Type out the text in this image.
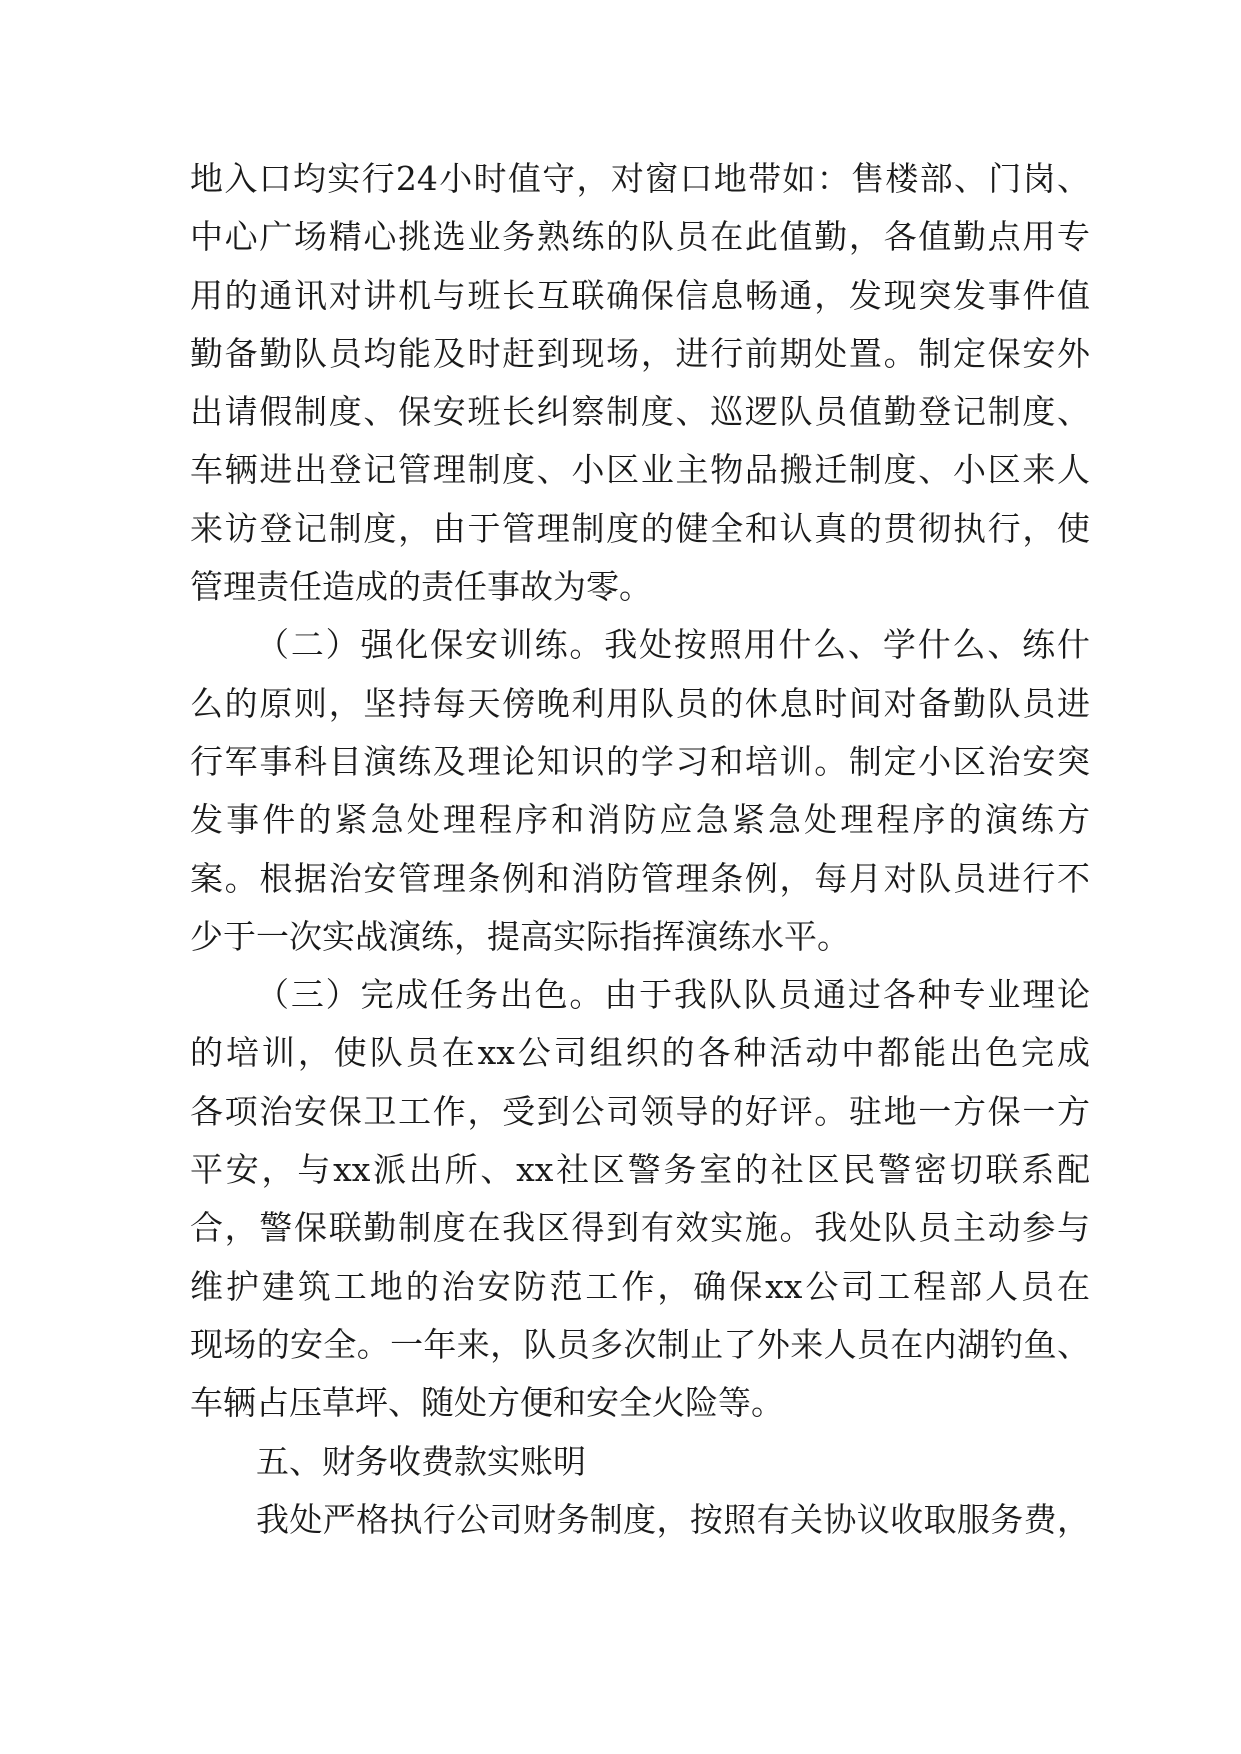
地入口均实行24小时值守，对窗口地带如：售楼部、门岗、
中心广场精心挑选业务熟练的队员在此值勤，各值勤点用专
用的通讯对讲机与班长互联确保信息畅通，发现突发事件值
勤备勤队员均能及时赶到现场，进行前期处置。制定保安外
出请假制度、保安班长纠察制度、巡逻队员值勤登记制度、
车辆进出登记管理制度、小区业主物品搬迁制度、小区来人
来访登记制度，由于管理制度的健全和认真的贯彻执行，使
管理责任造成的责任事故为零。
（二）强化保安训练。我处按照用什么、学什么、练什
么的原则，坚持每天傍晚利用队员的休息时间对备勤队员进
行军事科目演练及理论知识的学习和培训。制定小区治安突
发事件的紧急处理程序和消防应急紧急处理程序的演练方
案。根据治安管理条例和消防管理条例，每月对队员进行不
少于一次实战演练，提高实际指挥演练水平。
（三）完成任务出色。由于我队队员通过各种专业理论
的培训，使队员在xx公司组织的各种活动中都能出色完成
各项治安保卫工作，受到公司领导的好评。驻地一方保一方
平安，与xx派出所、xx社区警务室的社区民警密切联系配
合，警保联勤制度在我区得到有效实施。我处队员主动参与
维护建筑工地的治安防范工作，确保xx公司工程部人员在
现场的安全。一年来，队员多次制止了外来人员在内湖钓鱼、
车辆占压草坪、随处方便和安全火险等。
五、财务收费款实账明
我处严格执行公司财务制度，按照有关协议收取服务费，
